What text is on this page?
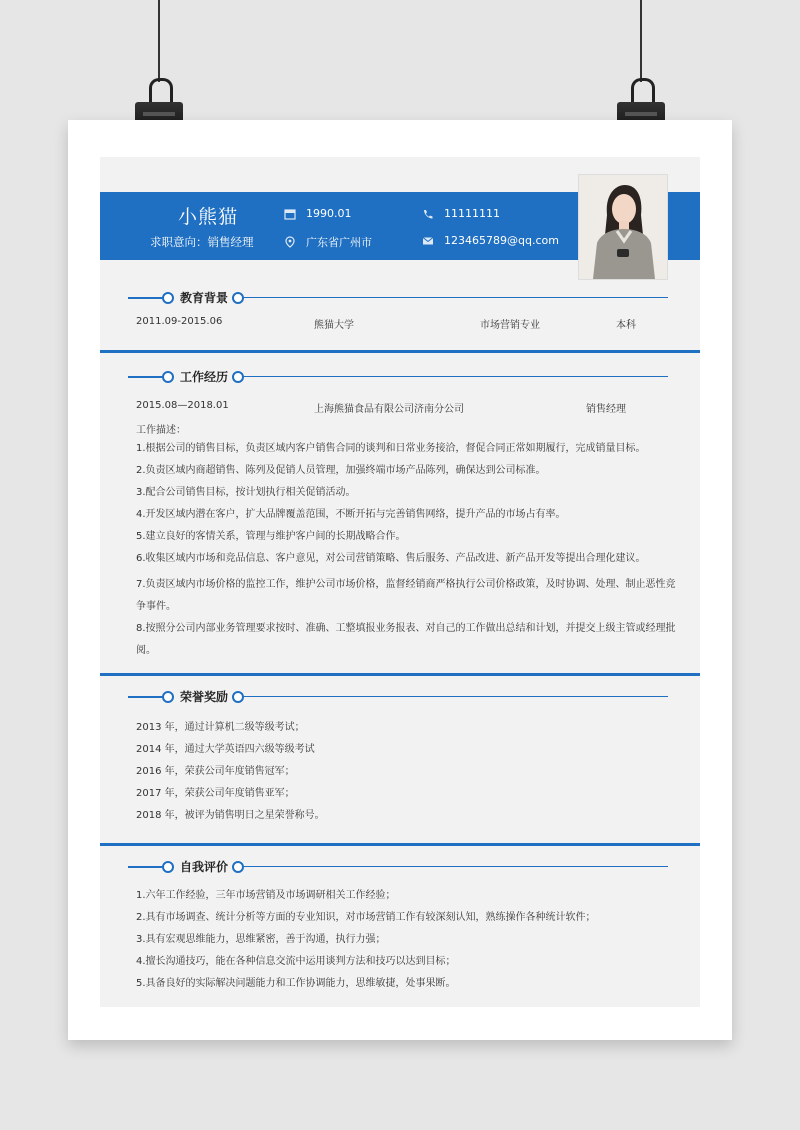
小熊猫
求职意向：销售经理
1990.01
广东省广州市
11111111
123465789@qq.com
教育背景
2011.09-2015.06	熊猫大学	市场营销专业	本科
工作经历
2015.08—2018.01	上海熊猫食品有限公司济南分公司	销售经理
工作描述：
1.根据公司的销售目标，负责区域内客户销售合同的谈判和日常业务接洽，督促合同正常如期履行，完成销量目标。
2.负责区域内商超销售、陈列及促销人员管理，加强终端市场产品陈列，确保达到公司标准。
3.配合公司销售目标，按计划执行相关促销活动。
4.开发区域内潜在客户，扩大品牌覆盖范围，不断开拓与完善销售网络，提升产品的市场占有率。
5.建立良好的客情关系，管理与维护客户间的长期战略合作。
6.收集区域内市场和竞品信息、客户意见，对公司营销策略、售后服务、产品改进、新产品开发等提出合理化建议。
7.负责区域内市场价格的监控工作，维护公司市场价格，监督经销商严格执行公司价格政策，及时协调、处理、制止恶性竞争事件。
8.按照分公司内部业务管理要求按时、准确、工整填报业务报表、对自己的工作做出总结和计划，并提交上级主管或经理批阅。
荣誉奖励
2013 年，通过计算机二级等级考试；
2014 年，通过大学英语四六级等级考试
2016 年，荣获公司年度销售冠军；
2017 年，荣获公司年度销售亚军；
2018 年，被评为销售明日之星荣誉称号。
自我评价
1.六年工作经验，三年市场营销及市场调研相关工作经验；
2.具有市场调查、统计分析等方面的专业知识，对市场营销工作有较深刻认知，熟练操作各种统计软件；
3.具有宏观思维能力，思维紧密，善于沟通，执行力强；
4.擅长沟通技巧，能在各种信息交流中运用谈判方法和技巧以达到目标；
5.具备良好的实际解决问题能力和工作协调能力，思维敏捷，处事果断。
